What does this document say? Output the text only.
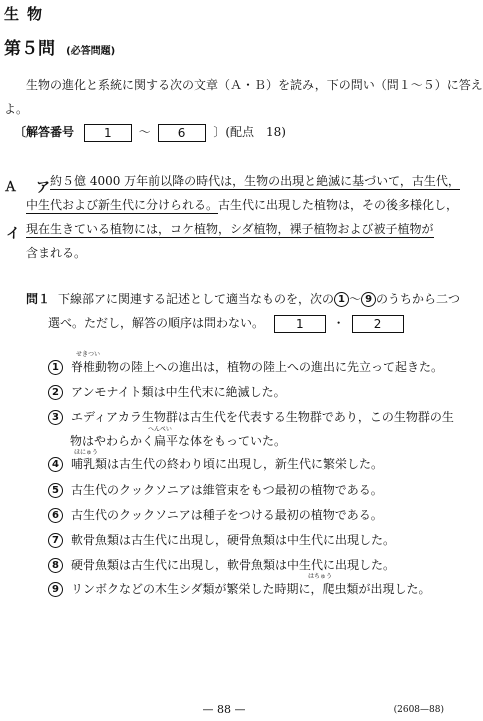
生物
第５問 (必答問題)
生物の進化と系統に関する次の文章（Ａ・Ｂ）を読み，下の問い（問１～５）に答え
よ。
〔解答番号	1 ～ 6 〕(配点　18)
Ａ ア 約５億 4000 万年前以降の時代は，生物の出現と絶滅に基づいて，古生代，
中生代および新生代に分けられる。古生代に出現した植物は，その後多様化し，
イ 現在生きている植物には，コケ植物，シダ植物，裸子植物および被子植物が
含まれる。
問１ 下線部アに関連する記述として適当なものを，次の 1 ～ 9 のうちから二つ
選べ。ただし，解答の順序は問わない。	1 ・ 2
せきつい
1 脊椎動物の陸上への進出は，植物の陸上への進出に先立って起きた。
2 アンモナイト類は中生代末に絶滅した。
3 エディアカラ生物群は古生代を代表する生物群であり，この生物群の生
へんぺい
物はやわらかく扁平な体をもっていた。
ほにゅう
4 哺乳類は古生代の終わり頃に出現し，新生代に繁栄した。
5 古生代のクックソニアは維管束をもつ最初の植物である。
6 古生代のクックソニアは種子をつける最初の植物である。
7 軟骨魚類は古生代に出現し，硬骨魚類は中生代に出現した。
8 硬骨魚類は古生代に出現し，軟骨魚類は中生代に出現した。
はちゅう
9 リンボクなどの木生シダ類が繁栄した時期に，爬虫類が出現した。
— 88 —	(2608—88)
